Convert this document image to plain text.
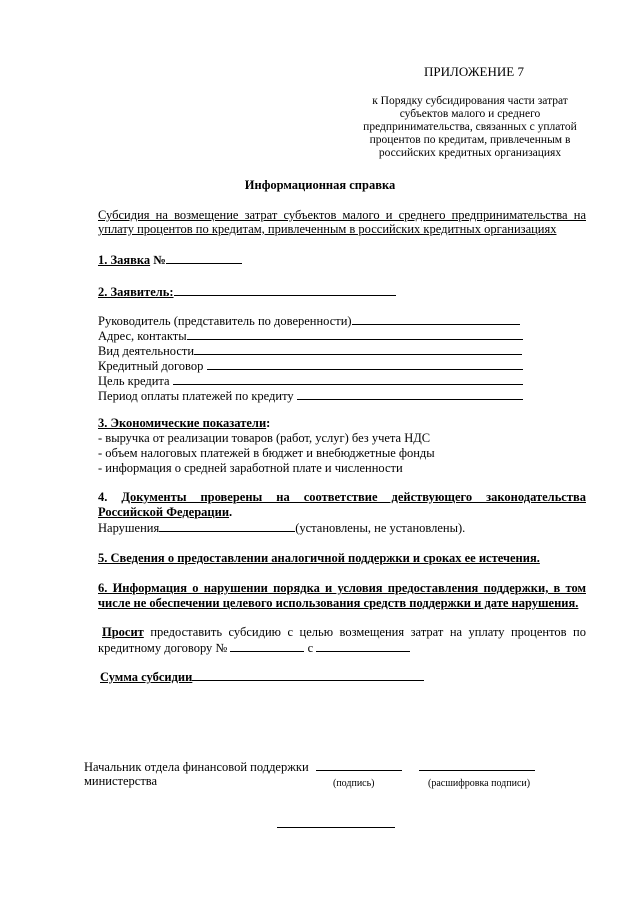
ПРИЛОЖЕНИЕ 7
к Порядку субсидирования части затрат
субъектов малого и среднего
предпринимательства, связанных с уплатой
процентов по кредитам, привлеченным в
российских кредитных организациях
Информационная справка
Субсидия на возмещение затрат субъектов малого и среднего предпринимательства на
уплату процентов по кредитам, привлеченным в российских кредитных организациях
1. Заявка №
2. Заявитель:
Руководитель (представитель по доверенности)
Адрес, контакты
Вид деятельности
Кредитный договор
Цель кредита
Период оплаты платежей по кредиту
3. Экономические показатели:
- выручка от реализации товаров (работ, услуг) без учета НДС
- объем налоговых платежей в бюджет и внебюджетные фонды
- информация о средней заработной плате и численности
4. Документы проверены на соответствие действующего законодательства
Российской Федерации.
Нарушения	(установлены, не установлены).
5. Сведения о предоставлении аналогичной поддержки и сроках ее истечения.
6. Информация о нарушении порядка и условия предоставления поддержки, в том
числе не обеспечении целевого использования средств поддержки и дате нарушения.
Просит предоставить субсидию с целью возмещения затрат на уплату процентов по
кредитному договору №	с
Сумма субсидии
Начальник отдела финансовой поддержки
министерства	(подпись)	(расшифровка подписи)
